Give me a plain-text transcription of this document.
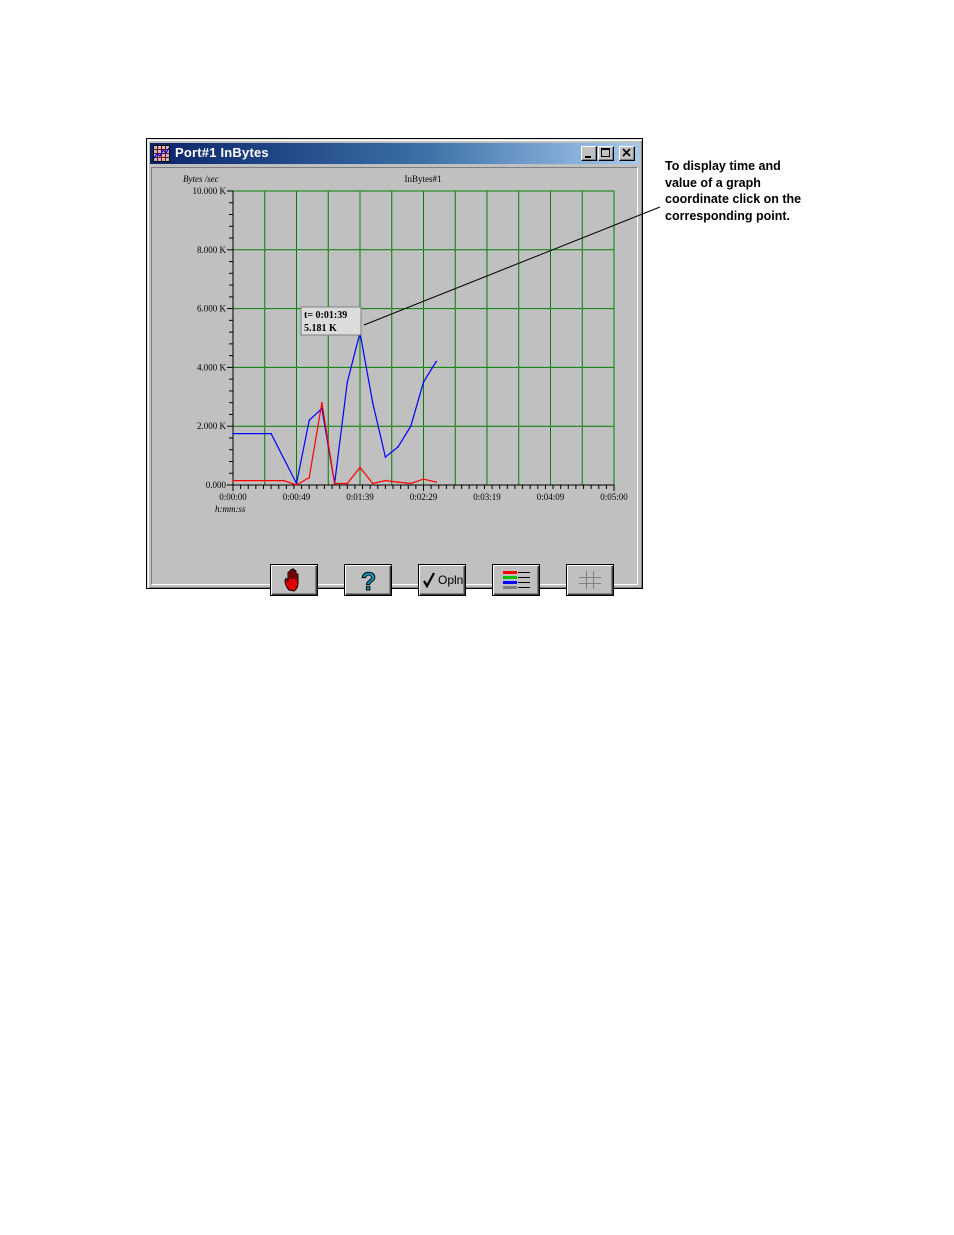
Port#1 InBytes
10.000 K
8.000 K
6.000 K
4.000 K
2.000 K
0.000
0:00:00	0:00:49	0:01:39	0:02:29	0:03:19	0:04:09	0:05:00
Bytes /sec
h:mm:ss
InBytes#1
t= 0:01:39
5.181 K
?	Opln
To display time and value of a graph coordinate click on the corresponding point.
